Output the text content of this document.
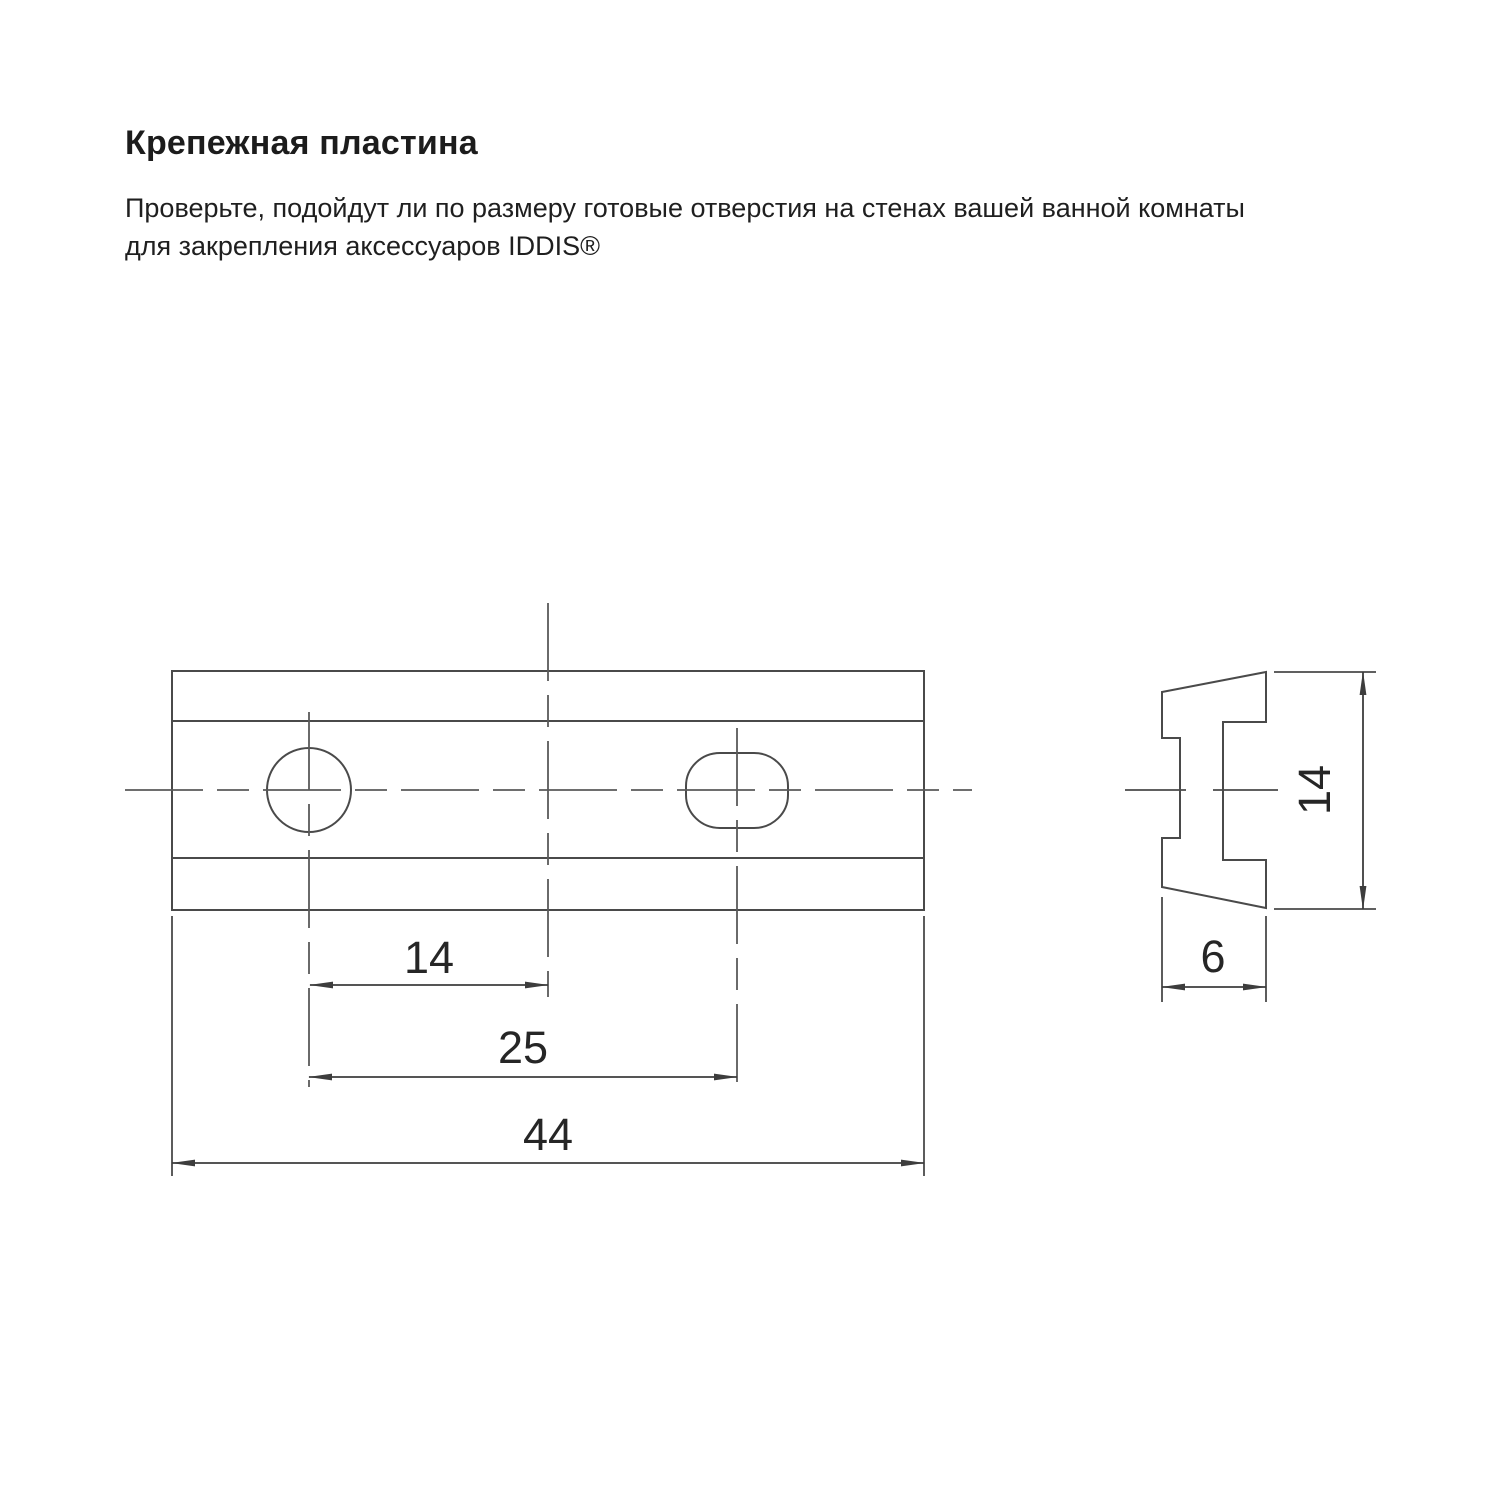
Крепежная пластина

Проверьте, подойдут ли по размеру готовые отверстия на стенах вашей ванной комнаты
для закрепления аксессуаров IDDIS®

14
25
44
14
6
